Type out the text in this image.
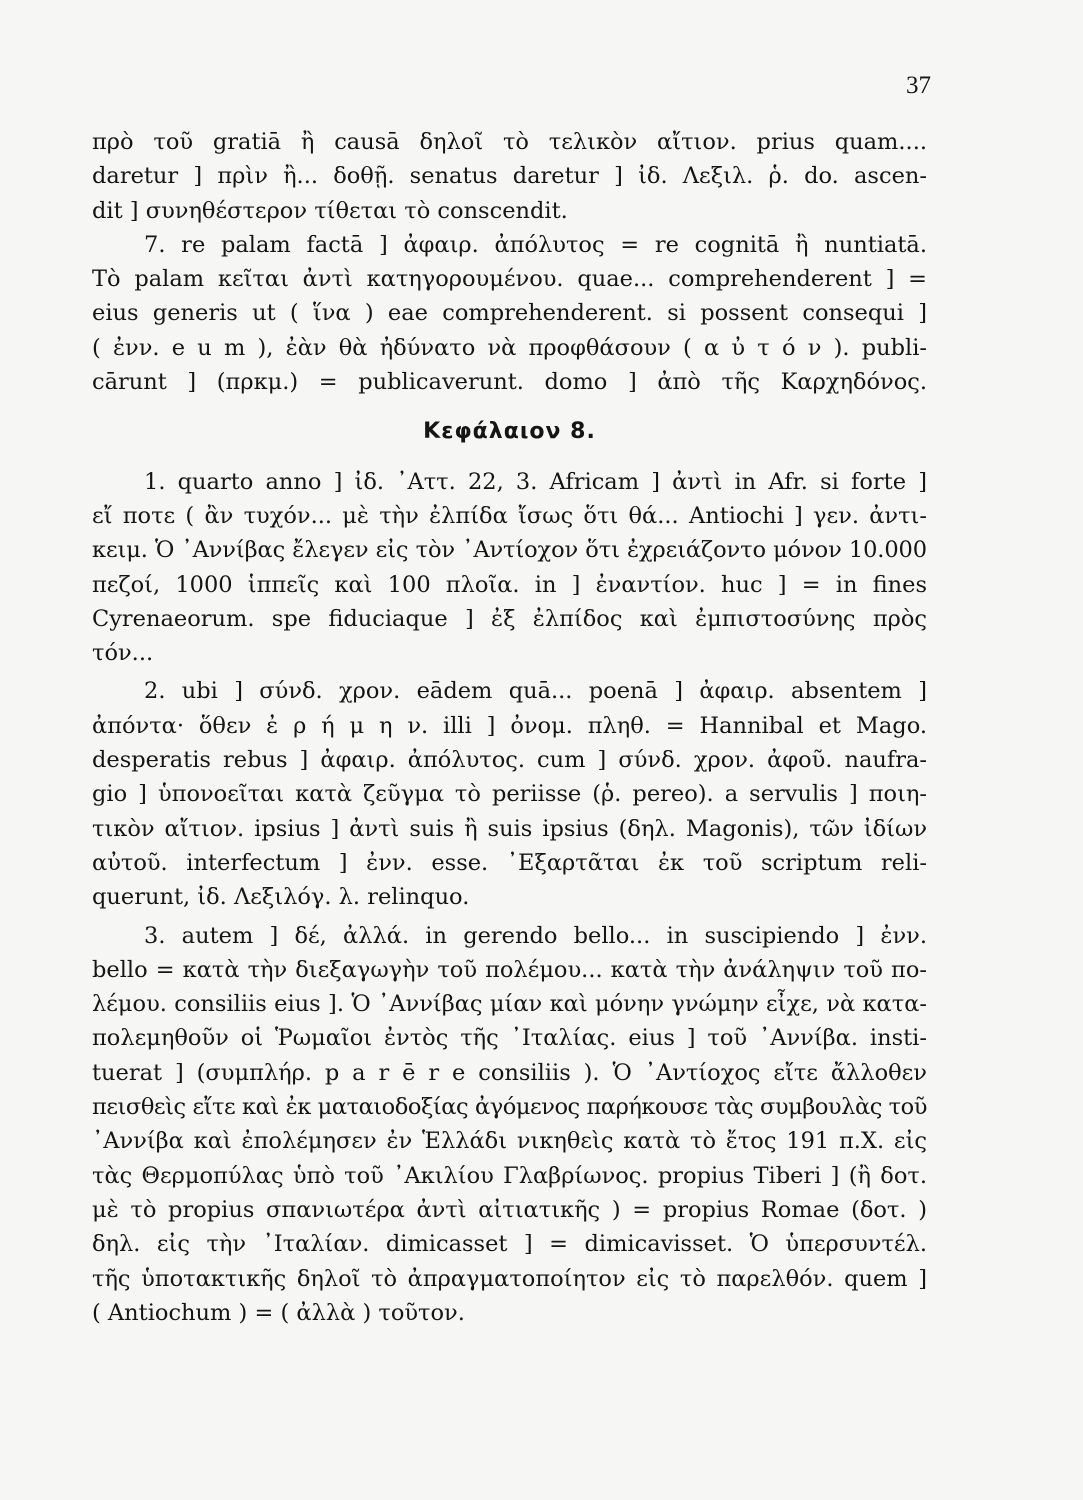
37
πρὸ τοῦ gratiā ἢ causā δηλοῖ τὸ τελικὸν αἴτιον. prius quam....
daretur ] πρὶν ἢ... δοθῇ. senatus daretur ] ἰδ. Λεξιλ. ῥ. do. ascen-
dit ] συνηθέστερον τίθεται τὸ conscendit.
7. re palam factā ] ἀφαιρ. ἀπόλυτος = re cognitā ἢ nuntiatā.
Τὸ palam κεῖται ἀντὶ κατηγορουμένου. quae... comprehenderent ] =
eius generis ut ( ἵνα ) eae comprehenderent. si possent consequi ]
( ἐνν. e u m ), ἐὰν θὰ ἠδύνατο νὰ προφθάσουν ( α ὐ τ ό ν ). publi-
cārunt ] (πρκμ.) = publicaverunt. domo ] ἀπὸ τῆς Καρχηδόνος.
Κεφάλαιον 8.
1. quarto anno ] ἰδ. ᾿Αττ. 22, 3. Africam ] ἀντὶ in Afr. si forte ]
εἴ ποτε ( ἂν τυχόν... μὲ τὴν ἐλπίδα ἴσως ὅτι θά... Antiochi ] γεν. ἀντι-
κειμ. Ὁ ᾿Αννίβας ἔλεγεν εἰς τὸν ᾿Αντίοχον ὅτι ἐχρειάζοντο μόνον 10.000
πεζοί, 1000 ἱππεῖς καὶ 100 πλοῖα. in ] ἐναντίον. huc ] = in fines
Cyrenaeorum. spe fiduciaque ] ἐξ ἐλπίδος καὶ ἐμπιστοσύνης πρὸς
τόν...
2. ubi ] σύνδ. χρον. eādem quā... poenā ] ἀφαιρ. absentem ]
ἀπόντα· ὅθεν ἐ ρ ή μ η ν. illi ] ὀνομ. πληθ. = Hannibal et Mago.
desperatis rebus ] ἀφαιρ. ἀπόλυτος. cum ] σύνδ. χρον. ἀφοῦ. naufra-
gio ] ὑπονοεῖται κατὰ ζεῦγμα τὸ periisse (ῥ. pereo). a servulis ] ποιη-
τικὸν αἴτιον. ipsius ] ἀντὶ suis ἢ suis ipsius (δηλ. Magonis), τῶν ἰδίων
αὐτοῦ. interfectum ] ἐνν. esse. ᾿Εξαρτᾶται ἐκ τοῦ scriptum reli-
querunt, ἰδ. Λεξιλόγ. λ. relinquo.
3. autem ] δέ, ἀλλά. in gerendo bello... in suscipiendo ] ἐνν.
bello = κατὰ τὴν διεξαγωγὴν τοῦ πολέμου... κατὰ τὴν ἀνάληψιν τοῦ πο-
λέμου. consiliis eius ]. Ὁ ᾿Αννίβας μίαν καὶ μόνην γνώμην εἶχε, νὰ κατα-
πολεμηθοῦν οἱ Ῥωμαῖοι ἐντὸς τῆς ᾿Ιταλίας. eius ] τοῦ ᾿Αννίβα. insti-
tuerat ] (συμπλήρ. p a r ē r e consiliis ). Ὁ ᾿Αντίοχος εἴτε ἄλλοθεν
πεισθεὶς εἴτε καὶ ἐκ ματαιοδοξίας ἀγόμενος παρήκουσε τὰς συμβουλὰς τοῦ
᾿Αννίβα καὶ ἐπολέμησεν ἐν Ἑλλάδι νικηθεὶς κατὰ τὸ ἔτος 191 π.Χ. εἰς
τὰς Θερμοπύλας ὑπὸ τοῦ ᾿Ακιλίου Γλαβρίωνος. propius Tiberi ] (ἢ δοτ.
μὲ τὸ propius σπανιωτέρα ἀντὶ αἰτιατικῆς ) = propius Romae (δοτ. )
δηλ. εἰς τὴν ᾿Ιταλίαν. dimicasset ] = dimicavisset. Ὁ ὑπερσυντέλ.
τῆς ὑποτακτικῆς δηλοῖ τὸ ἀπραγματοποίητον εἰς τὸ παρελθόν. quem ]
( Antiochum ) = ( ἀλλὰ ) τοῦτον.
